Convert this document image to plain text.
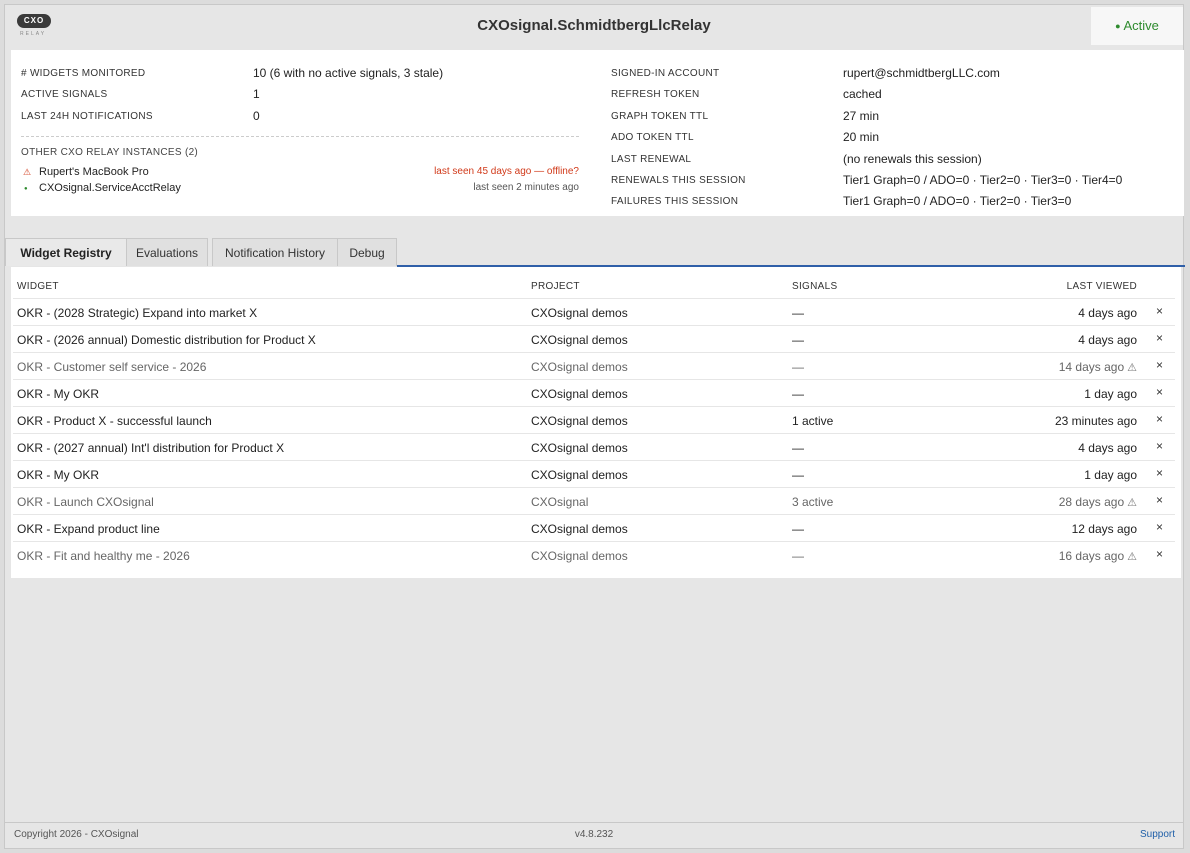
CXO
RELAY	CXOsignal.SchmidtbergLlcRelay	● Active
# WIDGETS MONITORED	10 (6 with no active signals, 3 stale)
ACTIVE SIGNALS	1
LAST 24H NOTIFICATIONS	0
OTHER CXO RELAY INSTANCES (2)
⚠ Rupert's MacBook Pro	last seen 45 days ago — offline?
● CXOsignal.ServiceAcctRelay	last seen 2 minutes ago
SIGNED-IN ACCOUNT	rupert@schmidtbergLLC.com
REFRESH TOKEN	cached
GRAPH TOKEN TTL	27 min
ADO TOKEN TTL	20 min
LAST RENEWAL	(no renewals this session)
RENEWALS THIS SESSION	Tier1 Graph=0 / ADO=0 · Tier2=0 · Tier3=0 · Tier4=0
FAILURES THIS SESSION	Tier1 Graph=0 / ADO=0 · Tier2=0 · Tier3=0
Widget Registry	Evaluations	Notification History	Debug
WIDGET	PROJECT	SIGNALS	LAST VIEWED
OKR - (2028 Strategic) Expand into market X	CXOsignal demos	—	4 days ago ×
OKR - (2026 annual) Domestic distribution for Product X	CXOsignal demos	—	4 days ago ×
OKR - Customer self service - 2026	CXOsignal demos	—	14 days ago ⚠ ×
OKR - My OKR	CXOsignal demos	—	1 day ago ×
OKR - Product X - successful launch	CXOsignal demos	1 active	23 minutes ago ×
OKR - (2027 annual) Int'l distribution for Product X	CXOsignal demos	—	4 days ago ×
OKR - My OKR	CXOsignal demos	—	1 day ago ×
OKR - Launch CXOsignal	CXOsignal	3 active	28 days ago ⚠ ×
OKR - Expand product line	CXOsignal demos	—	12 days ago ×
OKR - Fit and healthy me - 2026	CXOsignal demos	—	16 days ago ⚠ ×
Copyright 2026 - CXOsignal	v4.8.232	Support
